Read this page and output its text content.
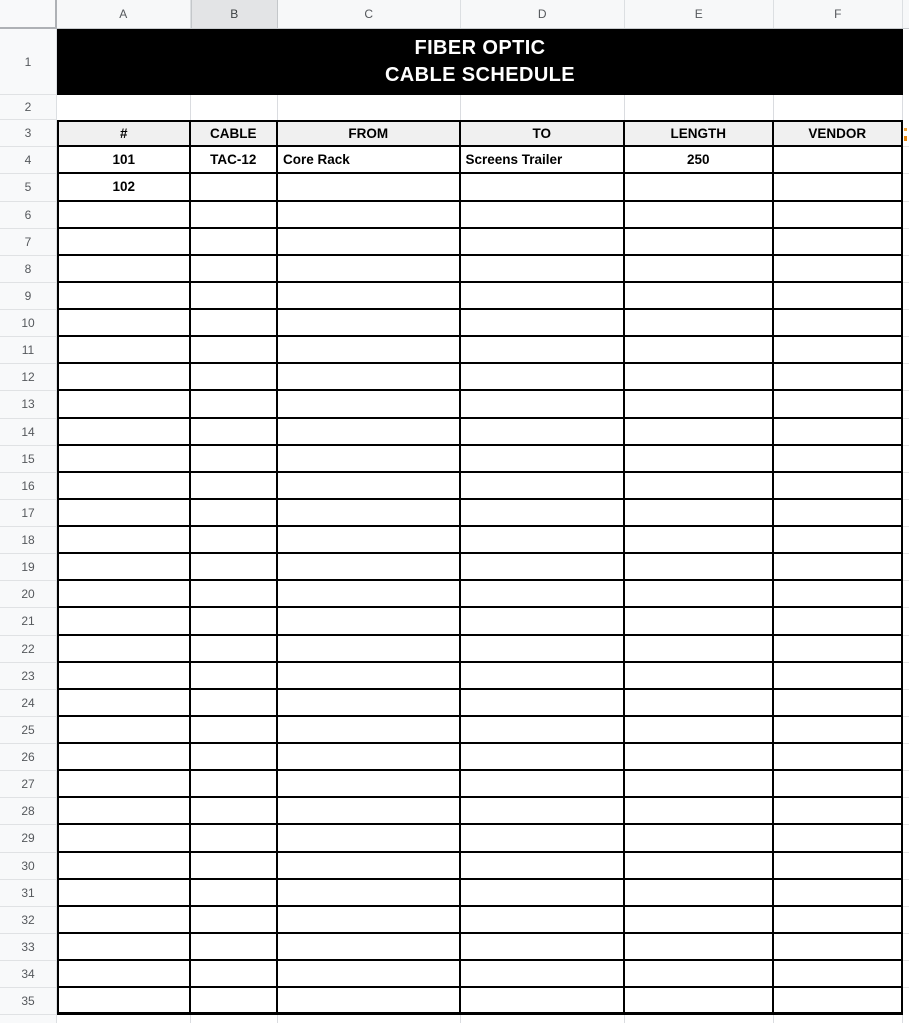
A	B	C	D	E	F
1
2
3
4
5
6
7
8
9
10
11
12
13
14
15
16
17
18
19
20
21
22
23
24
25
26
27
28
29
30
31
32
33
34
35
FIBER OPTIC
CABLE SCHEDULE
#	CABLE	FROM	TO	LENGTH	VENDOR
101	TAC-12	Core Rack	Screens Trailer	250
102
